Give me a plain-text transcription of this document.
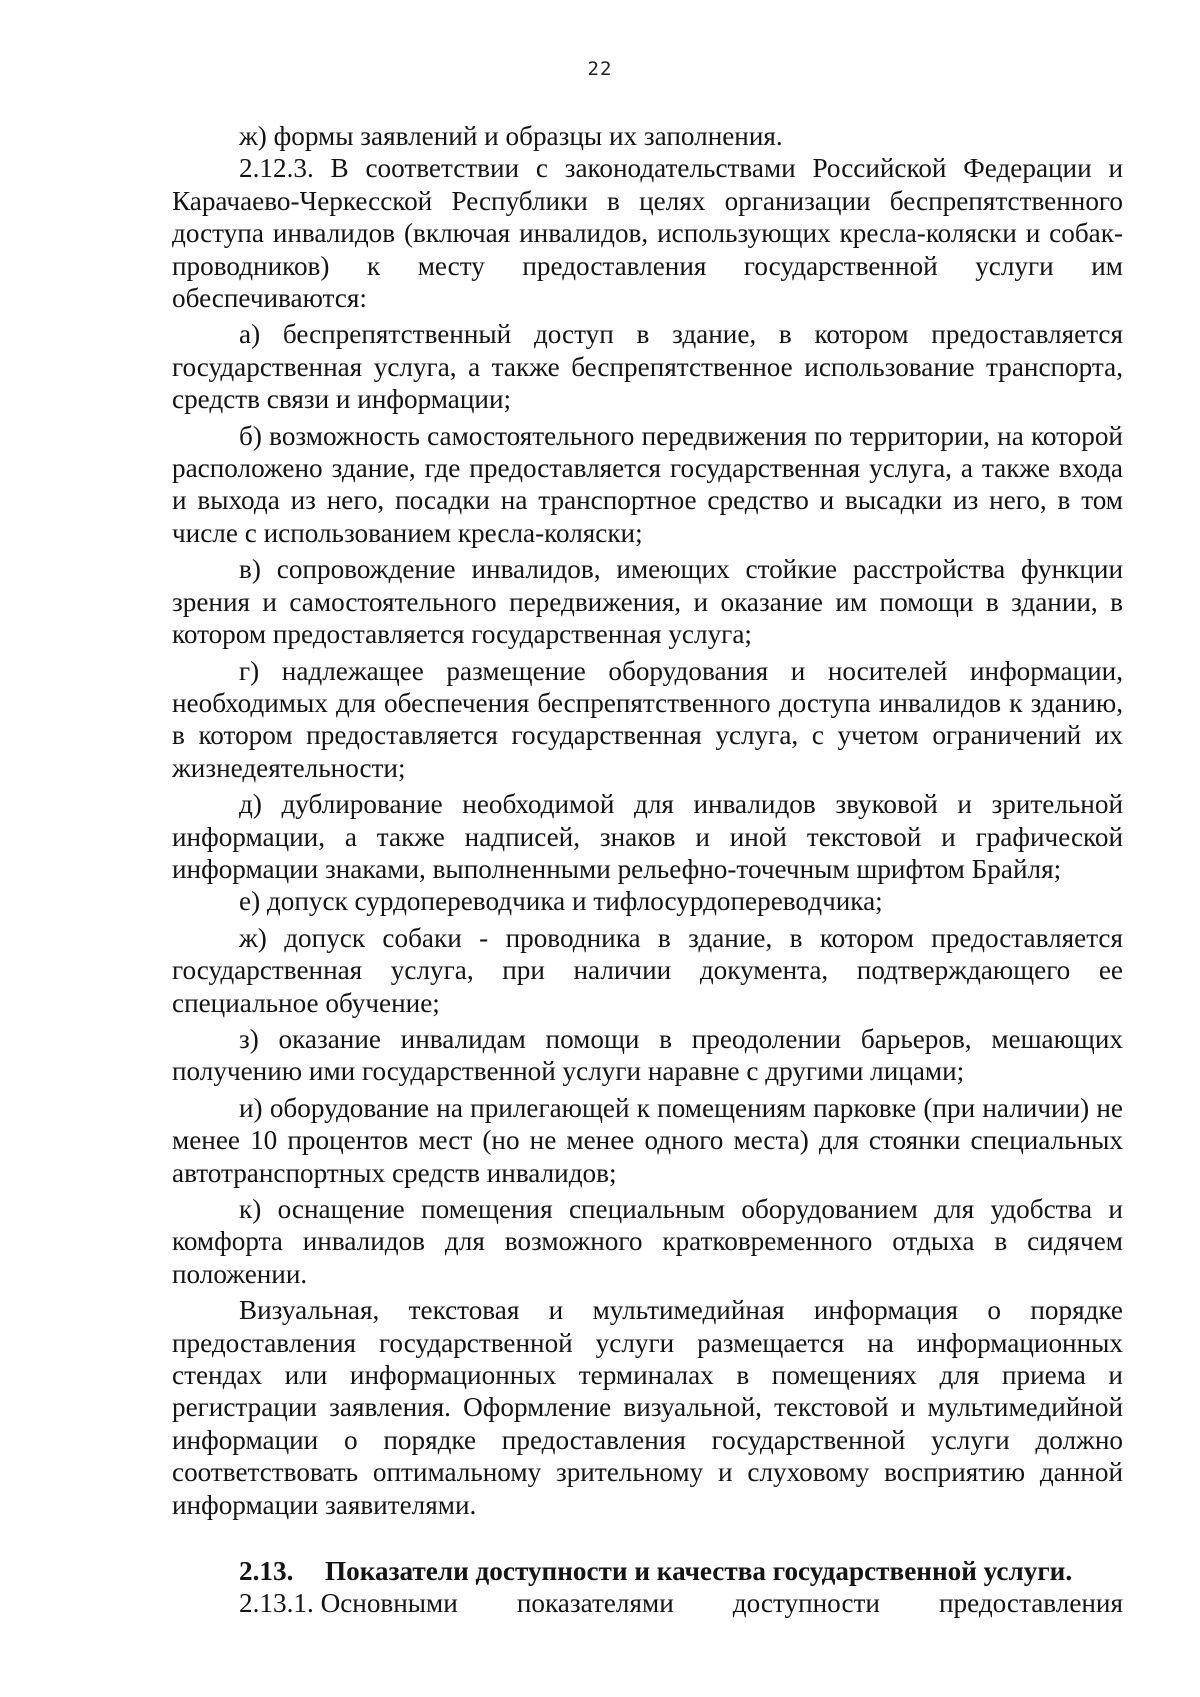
22

ж) формы заявлений и образцы их заполнения.

2.12.3. В соответствии с законодательствами Российской Федерации и Карачаево-Черкесской Республики в целях организации беспрепятственного доступа инвалидов (включая инвалидов, использующих кресла-коляски и собак-проводников) к месту предоставления государственной услуги им обеспечиваются:

а) беспрепятственный доступ в здание, в котором предоставляется государственная услуга, а также беспрепятственное использование транспорта, средств связи и информации;

б) возможность самостоятельного передвижения по территории, на которой расположено здание, где предоставляется государственная услуга, а также входа и выхода из него, посадки на транспортное средство и высадки из него, в том числе с использованием кресла-коляски;

в) сопровождение инвалидов, имеющих стойкие расстройства функции зрения и самостоятельного передвижения, и оказание им помощи в здании, в котором предоставляется государственная услуга;

г) надлежащее размещение оборудования и носителей информации, необходимых для обеспечения беспрепятственного доступа инвалидов к зданию, в котором предоставляется государственная услуга, с учетом ограничений их жизнедеятельности;

д) дублирование необходимой для инвалидов звуковой и зрительной информации, а также надписей, знаков и иной текстовой и графической информации знаками, выполненными рельефно-точечным шрифтом Брайля;

е) допуск сурдопереводчика и тифлосурдопереводчика;

ж) допуск собаки - проводника в здание, в котором предоставляется государственная услуга, при наличии документа, подтверждающего ее специальное обучение;

з) оказание инвалидам помощи в преодолении барьеров, мешающих получению ими государственной услуги наравне с другими лицами;

и) оборудование на прилегающей к помещениям парковке (при наличии) не менее 10 процентов мест (но не менее одного места) для стоянки специальных автотранспортных средств инвалидов;

к) оснащение помещения специальным оборудованием для удобства и комфорта инвалидов для возможного кратковременного отдыха в сидячем положении.

Визуальная, текстовая и мультимедийная информация о порядке предоставления государственной услуги размещается на информационных стендах или информационных терминалах в помещениях для приема и регистрации заявления. Оформление визуальной, текстовой и мультимедийной информации о порядке предоставления государственной услуги должно соответствовать оптимальному зрительному и слуховому восприятию данной информации заявителями.

2.13. Показатели доступности и качества государственной услуги.
2.13.1. Основными показателями доступности предоставления
